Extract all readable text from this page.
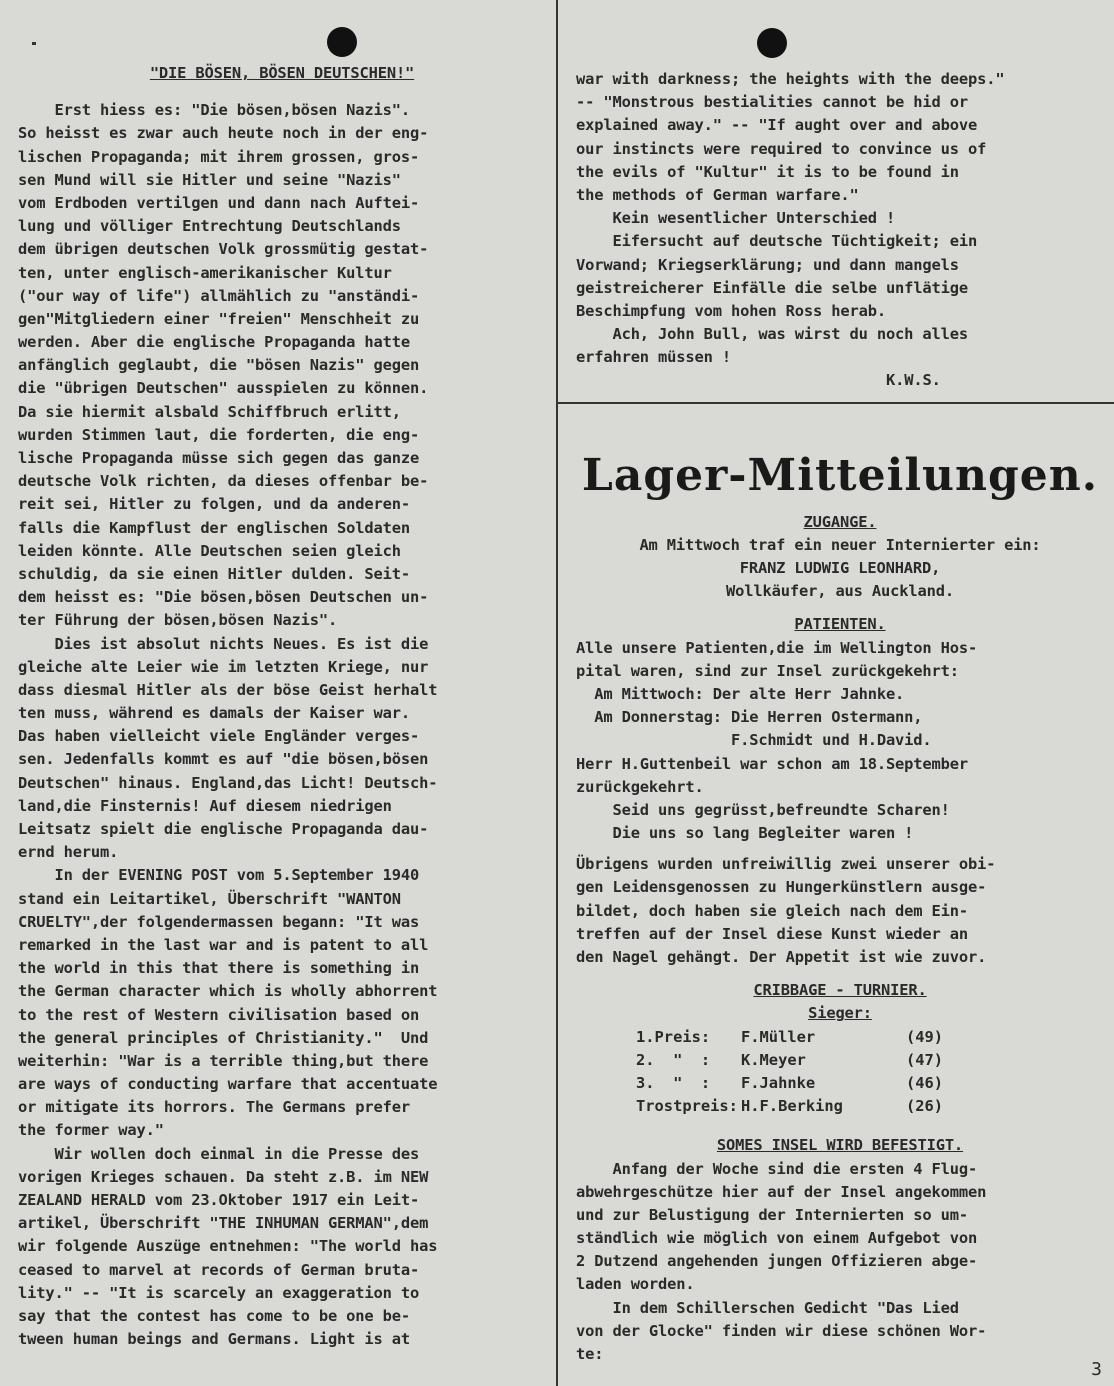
"DIE BÖSEN, BÖSEN DEUTSCHEN!"
Erst hiess es: "Die bösen,bösen Nazis".
So heisst es zwar auch heute noch in der eng-
lischen Propaganda; mit ihrem grossen, gros-
sen Mund will sie Hitler und seine "Nazis"
vom Erdboden vertilgen und dann nach Auftei-
lung und völliger Entrechtung Deutschlands
dem übrigen deutschen Volk grossmütig gestat-
ten, unter englisch-amerikanischer Kultur
("our way of life") allmählich zu "anständi-
gen"Mitgliedern einer "freien" Menschheit zu
werden. Aber die englische Propaganda hatte
anfänglich geglaubt, die "bösen Nazis" gegen
die "übrigen Deutschen" ausspielen zu können.
Da sie hiermit alsbald Schiffbruch erlitt,
wurden Stimmen laut, die forderten, die eng-
lische Propaganda müsse sich gegen das ganze
deutsche Volk richten, da dieses offenbar be-
reit sei, Hitler zu folgen, und da anderen-
falls die Kampflust der englischen Soldaten
leiden könnte. Alle Deutschen seien gleich
schuldig, da sie einen Hitler dulden. Seit-
dem heisst es: "Die bösen,bösen Deutschen un-
ter Führung der bösen,bösen Nazis".
Dies ist absolut nichts Neues. Es ist die
gleiche alte Leier wie im letzten Kriege, nur
dass diesmal Hitler als der böse Geist herhalt
ten muss, während es damals der Kaiser war.
Das haben vielleicht viele Engländer verges-
sen. Jedenfalls kommt es auf "die bösen,bösen
Deutschen" hinaus. England,das Licht! Deutsch-
land,die Finsternis! Auf diesem niedrigen
Leitsatz spielt die englische Propaganda dau-
ernd herum.
In der EVENING POST vom 5.September 1940
stand ein Leitartikel, Überschrift "WANTON
CRUELTY",der folgendermassen begann: "It was
remarked in the last war and is patent to all
the world in this that there is something in
the German character which is wholly abhorrent
to the rest of Western civilisation based on
the general principles of Christianity."  Und
weiterhin: "War is a terrible thing,but there
are ways of conducting warfare that accentuate
or mitigate its horrors. The Germans prefer
the former way."
Wir wollen doch einmal in die Presse des
vorigen Krieges schauen. Da steht z.B. im NEW
ZEALAND HERALD vom 23.Oktober 1917 ein Leit-
artikel, Überschrift "THE INHUMAN GERMAN",dem
wir folgende Auszüge entnehmen: "The world has
ceased to marvel at records of German bruta-
lity." -- "It is scarcely an exaggeration to
say that the contest has come to be one be-
tween human beings and Germans. Light is at
war with darkness; the heights with the deeps."
-- "Monstrous bestialities cannot be hid or
explained away." -- "If aught over and above
our instincts were required to convince us of
the evils of "Kultur" it is to be found in
the methods of German warfare."
Kein wesentlicher Unterschied !
Eifersucht auf deutsche Tüchtigkeit; ein
Vorwand; Kriegserklärung; und dann mangels
geistreicherer Einfälle die selbe unflätige
Beschimpfung vom hohen Ross herab.
Ach, John Bull, was wirst du noch alles
erfahren müssen !
K.W.S.
Lager-Mitteilungen.
ZUGANGE.
Am Mittwoch traf ein neuer Internierter ein:
FRANZ LUDWIG LEONHARD,
Wollkäufer, aus Auckland.
PATIENTEN.
Alle unsere Patienten,die im Wellington Hos-
pital waren, sind zur Insel zurückgekehrt:
Am Mittwoch: Der alte Herr Jahnke.
Am Donnerstag: Die Herren Ostermann,
F.Schmidt und H.David.
Herr H.Guttenbeil war schon am 18.September
zurückgekehrt.
Seid uns gegrüsst,befreundte Scharen!
Die uns so lang Begleiter waren !
Übrigens wurden unfreiwillig zwei unserer obi-
gen Leidensgenossen zu Hungerkünstlern ausge-
bildet, doch haben sie gleich nach dem Ein-
treffen auf der Insel diese Kunst wieder an
den Nagel gehängt. Der Appetit ist wie zuvor.
CRIBBAGE - TURNIER.
Sieger:
1.Preis:	F.Müller	(49)
2.  "  :	K.Meyer	(47)
3.  "  :	F.Jahnke	(46)
Trostpreis: H.F.Berking	(26)
SOMES INSEL WIRD BEFESTIGT.
Anfang der Woche sind die ersten 4 Flug-
abwehrgeschütze hier auf der Insel angekommen
und zur Belustigung der Internierten so um-
ständlich wie möglich von einem Aufgebot von
2 Dutzend angehenden jungen Offizieren abge-
laden worden.
In dem Schillerschen Gedicht "Das Lied
von der Glocke" finden wir diese schönen Wor-
te:
3
